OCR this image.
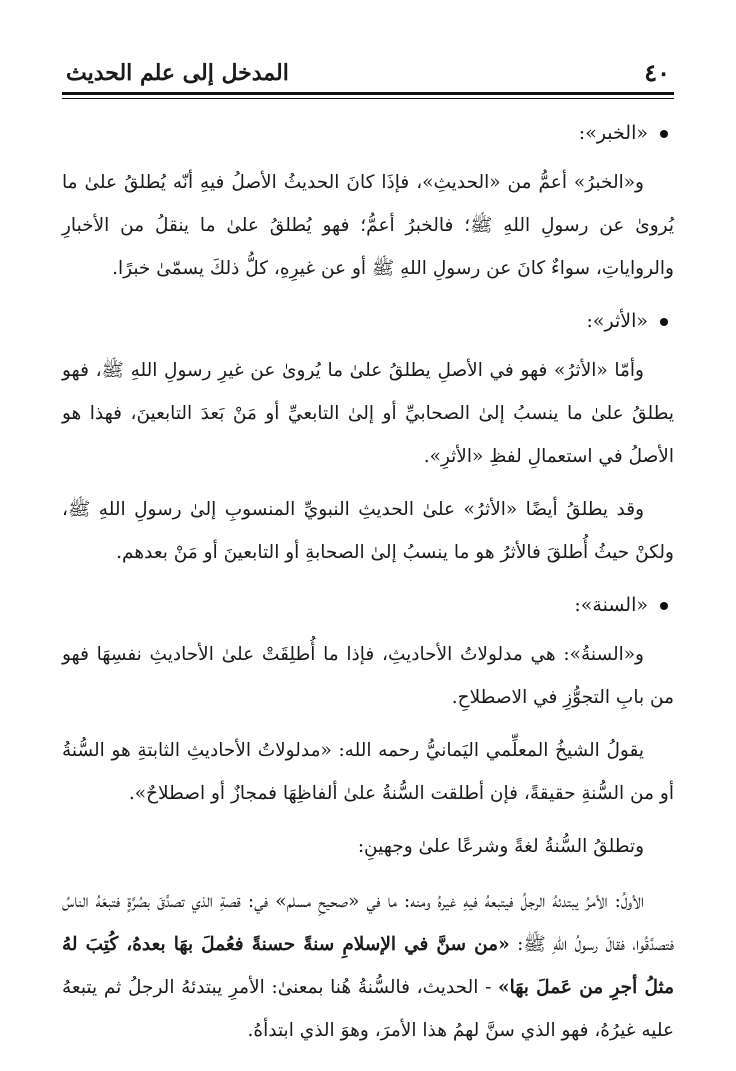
٤٠
المدخل إلى علم الحديث
«الخبر»:

و«الخبرُ» أعمُّ من «الحديثِ»، فإذَا كانَ الحديثُ الأصلُ فيهِ أنّه يُطلقُ علىٰ ما يُروىٰ عن رسولِ اللهِ ﷺ؛ فالخبرُ أعمُّ؛ فهو يُطلقُ علىٰ ما ينقلُ من الأخبارِ والرواياتِ، سواءٌ كانَ عن رسولِ اللهِ ﷺ أو عن غيرِهِ، كلُّ ذلكَ يسمّىٰ خبرًا.

«الأثر»:

وأمّا «الأثرُ» فهو في الأصلِ يطلقُ علىٰ ما يُروىٰ عن غيرِ رسولِ اللهِ ﷺ، فهو يطلقُ علىٰ ما ينسبُ إلىٰ الصحابيِّ أو إلىٰ التابعيِّ أو مَنْ بَعدَ التابعينَ، فهذا هو الأصلُ في استعمالِ لفظِ «الأثرِ».

وقد يطلقُ أيضًا «الأثرُ» علىٰ الحديثِ النبويِّ المنسوبِ إلىٰ رسولِ اللهِ ﷺ، ولكنْ حيثُ أُطلقَ فالأثرُ هو ما ينسبُ إلىٰ الصحابةِ أو التابعينَ أو مَنْ بعدهم.

«السنة»:

و«السنةُ»: هي مدلولاتُ الأحاديثِ، فإذا ما أُطلِقَتْ علىٰ الأحاديثِ نفسِهَا فهو من بابِ التجوُّزِ في الاصطلاحِ.

يقولُ الشيخُ المعلِّمي اليَمانيُّ رحمه الله: «مدلولاتُ الأحاديثِ الثابتةِ هو السُّنةُ أو من السُّنةِ حقيقةً، فإن أطلقت السُّنةُ علىٰ ألفاظِهَا فمجازٌ أو اصطلاحٌ».

وتطلقُ السُّنةُ لغةً وشرعًا علىٰ وجهينِ:

الأولُ: الأمرُ يبتدئهُ الرجلُ فيتبعهُ فيهِ غيرهُ ومنه: ما في «صحيحِ مسلم» في: قصةِ الذي تصدَّقَ بصُرَّةٍ فتبعَهُ الناسُ فتصدَّقُوا، فقالَ رسولُ اللهِ ﷺ: «من سنَّ في الإسلامِ سنةً حسنةً فعُملَ بهَا بعدهُ، كُتِبَ لهُ مثلُ أجرِ من عَملَ بهَا» - الحديث، فالسُّنةُ هُنا بمعنىٰ: الأمرِ يبتدئهُ الرجلُ ثم يتبعهُ عليه غيرُهُ، فهو الذي سنَّ لهمُ هذا الأمرَ، وهوَ الذي ابتدأهُ.
